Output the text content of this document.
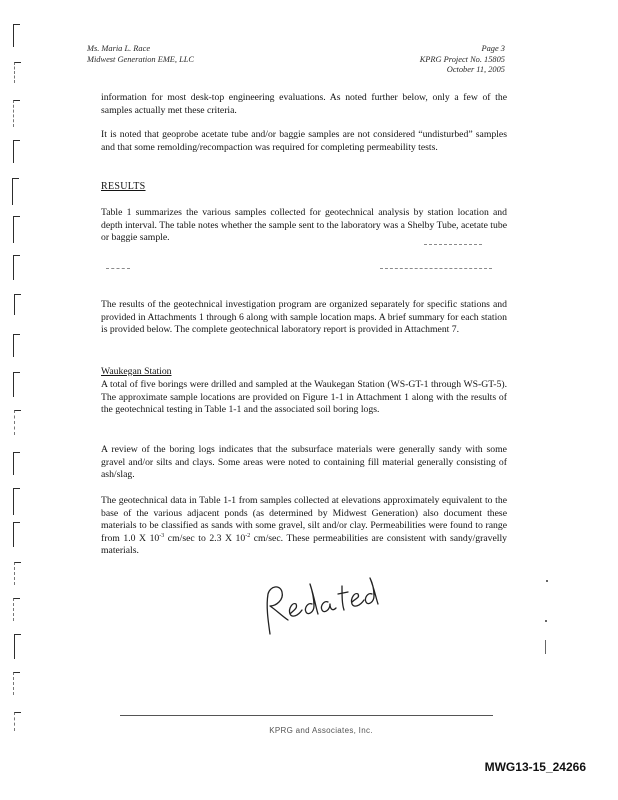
Ms. Maria L. Race
Midwest Generation EME, LLC
Page 3
KPRG Project No. 15805
October 11, 2005
information for most desk-top engineering evaluations. As noted further below, only a few of the samples actually met these criteria.
It is noted that geoprobe acetate tube and/or baggie samples are not considered “undisturbed” samples and that some remolding/recompaction was required for completing permeability tests.
RESULTS
Table 1 summarizes the various samples collected for geotechnical analysis by station location and depth interval. The table notes whether the sample sent to the laboratory was a Shelby Tube, acetate tube or baggie sample.
The results of the geotechnical investigation program are organized separately for specific stations and provided in Attachments 1 through 6 along with sample location maps. A brief summary for each station is provided below. The complete geotechnical laboratory report is provided in Attachment 7.
Waukegan Station
A total of five borings were drilled and sampled at the Waukegan Station (WS-GT-1 through WS-GT-5). The approximate sample locations are provided on Figure 1-1 in Attachment 1 along with the results of the geotechnical testing in Table 1-1 and the associated soil boring logs.
A review of the boring logs indicates that the subsurface materials were generally sandy with some gravel and/or silts and clays. Some areas were noted to containing fill material generally consisting of ash/slag.
The geotechnical data in Table 1-1 from samples collected at elevations approximately equivalent to the base of the various adjacent ponds (as determined by Midwest Generation) also document these materials to be classified as sands with some gravel, silt and/or clay. Permeabilities were found to range from 1.0 X $10^{-3}$ cm/sec to 2.3 X $10^{-2}$ cm/sec. These permeabilities are consistent with sandy/gravelly materials.
KPRG and Associates, Inc.
MWG13-15_24266
